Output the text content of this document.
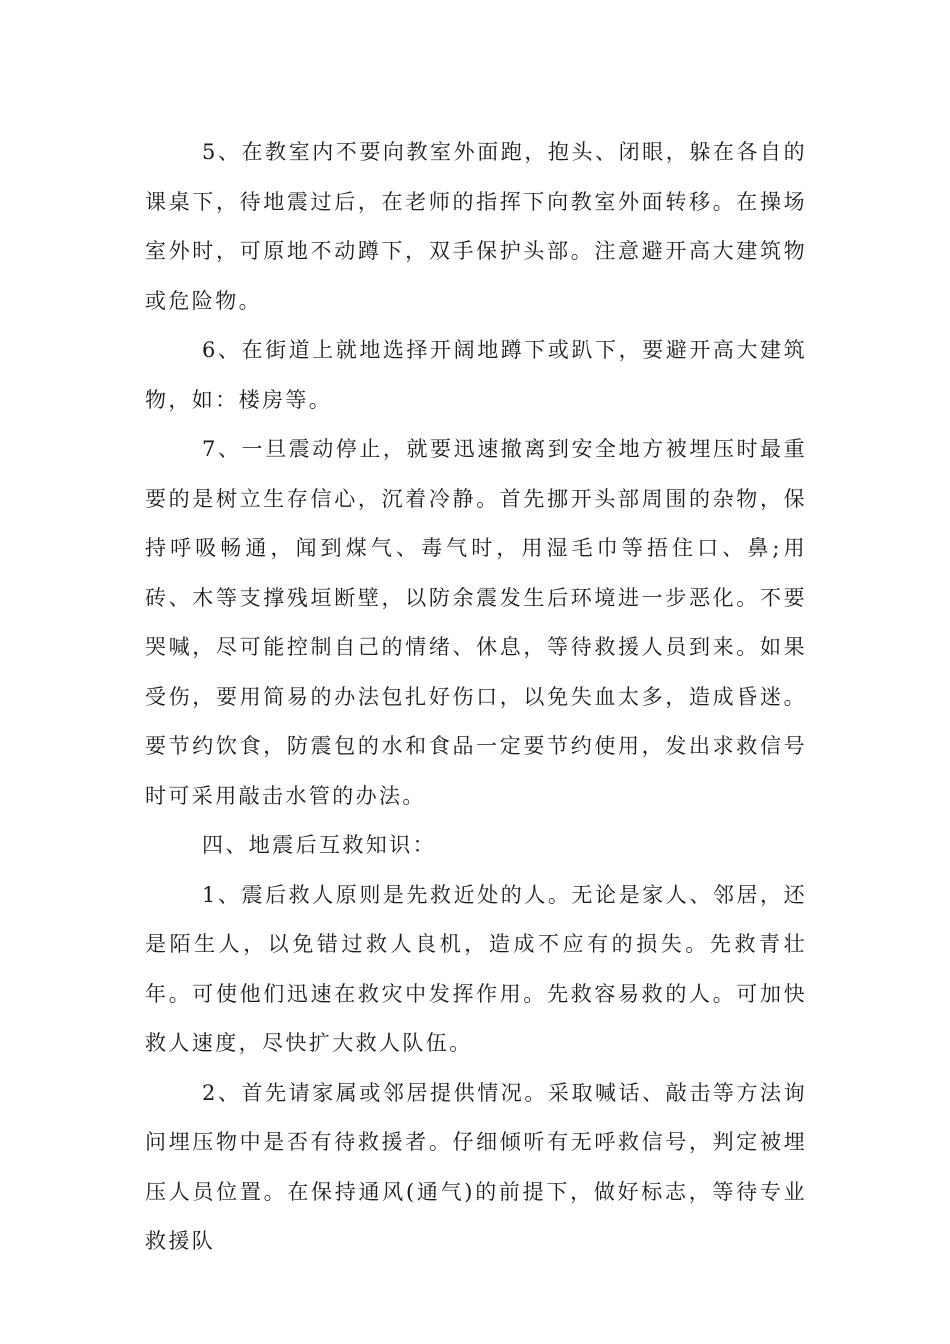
5、在教室内不要向教室外面跑，抱头、闭眼，躲在各自的课桌下，待地震过后，在老师的指挥下向教室外面转移。在操场室外时，可原地不动蹲下，双手保护头部。注意避开高大建筑物或危险物。

6、在街道上就地选择开阔地蹲下或趴下，要避开高大建筑物，如：楼房等。

7、一旦震动停止，就要迅速撤离到安全地方被埋压时最重要的是树立生存信心，沉着冷静。首先挪开头部周围的杂物，保持呼吸畅通，闻到煤气、毒气时，用湿毛巾等捂住口、鼻;用砖、木等支撑残垣断壁，以防余震发生后环境进一步恶化。不要哭喊，尽可能控制自己的情绪、休息，等待救援人员到来。如果受伤，要用简易的办法包扎好伤口，以免失血太多，造成昏迷。要节约饮食，防震包的水和食品一定要节约使用，发出求救信号时可采用敲击水管的办法。

四、地震后互救知识：

1、震后救人原则是先救近处的人。无论是家人、邻居，还是陌生人，以免错过救人良机，造成不应有的损失。先救青壮年。可使他们迅速在救灾中发挥作用。先救容易救的人。可加快救人速度，尽快扩大救人队伍。

2、首先请家属或邻居提供情况。采取喊话、敲击等方法询问埋压物中是否有待救援者。仔细倾听有无呼救信号，判定被埋压人员位置。在保持通风(通气)的前提下，做好标志，等待专业救援队
